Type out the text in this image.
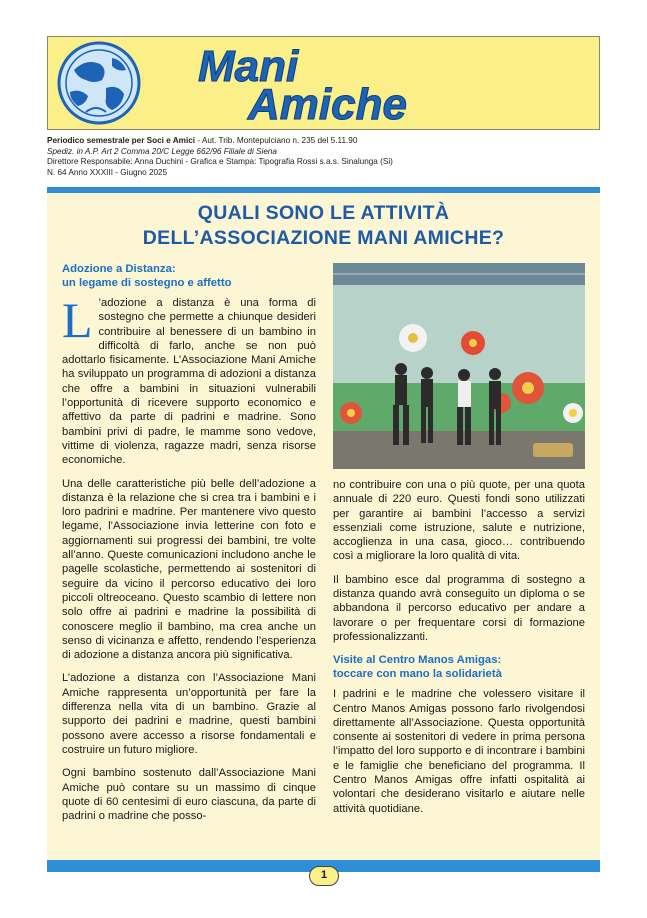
Mani
Amiche
Periodico semestrale per Soci e Amici - Aut. Trib. Montepulciano n. 235 del 5.11.90
Spediz. in A.P. Art 2 Comma 20/C Legge 662/96 Filiale di Siena
Direttore Responsabile: Anna Duchini - Grafica e Stampa: Tipografia Rossi s.a.s. Sinalunga (Si)
N. 64 Anno XXXIII - Giugno 2025
QUALI SONO LE ATTIVITÀ
DELL’ASSOCIAZIONE MANI AMICHE?
Adozione a Distanza:
un legame di sostegno e affetto

L ’adozione a distanza è una forma di sostegno che permette a chiunque desideri contribuire al benessere di un bambino in difficoltà di farlo, anche se non può adottarlo fisicamente. L’Associazione Mani Amiche ha sviluppato un programma di adozioni a distanza che offre a bambini in situazioni vulnerabili l’opportunità di ricevere supporto economico e affettivo da parte di padrini e madrine. Sono bambini privi di padre, le mamme sono vedove, vittime di violenza, ragazze madri, senza risorse economiche.

Una delle caratteristiche più belle dell’adozione a distanza è la relazione che si crea tra i bambini e i loro padrini e madrine. Per mantenere vivo questo legame, l’Associazione invia letterine con foto e aggiornamenti sui progressi dei bambini, tre volte all’anno. Queste comunicazioni includono anche le pagelle scolastiche, permettendo ai sostenitori di seguire da vicino il percorso educativo dei loro piccoli oltreoceano. Questo scambio di lettere non solo offre ai padrini e madrine la possibilità di conoscere meglio il bambino, ma crea anche un senso di vicinanza e affetto, rendendo l’esperienza di adozione a distanza ancora più significativa.

L’adozione a distanza con l’Associazione Mani Amiche rappresenta un’opportunità per fare la differenza nella vita di un bambino. Grazie al supporto dei padrini e madrine, questi bambini possono avere accesso a risorse fondamentali e costruire un futuro migliore.

Ogni bambino sostenuto dall’Associazione Mani Amiche può contare su un massimo di cinque quote di 60 centesimi di euro ciascuna, da parte di padrini o madrine che posso-

no contribuire con una o più quote, per una quota annuale di 220 euro. Questi fondi sono utilizzati per garantire ai bambini l’accesso a servizi essenziali come istruzione, salute e nutrizione, accoglienza in una casa, gioco… contribuendo così a migliorare la loro qualità di vita.

Il bambino esce dal programma di sostegno a distanza quando avrà conseguito un diploma o se abbandona il percorso educativo per andare a lavorare o per frequentare corsi di formazione professionalizzanti.

Visite al Centro Manos Amigas:
toccare con mano la solidarietà

I padrini e le madrine che volessero visitare il Centro Manos Amigas possono farlo rivolgendosi direttamente all’Associazione. Questa opportunità consente ai sostenitori di vedere in prima persona l’impatto del loro supporto e di incontrare i bambini e le famiglie che beneficiano del programma. Il Centro Manos Amigas offre infatti ospitalità ai volontari che desiderano visitarlo e aiutare nelle attività quotidiane.

1
